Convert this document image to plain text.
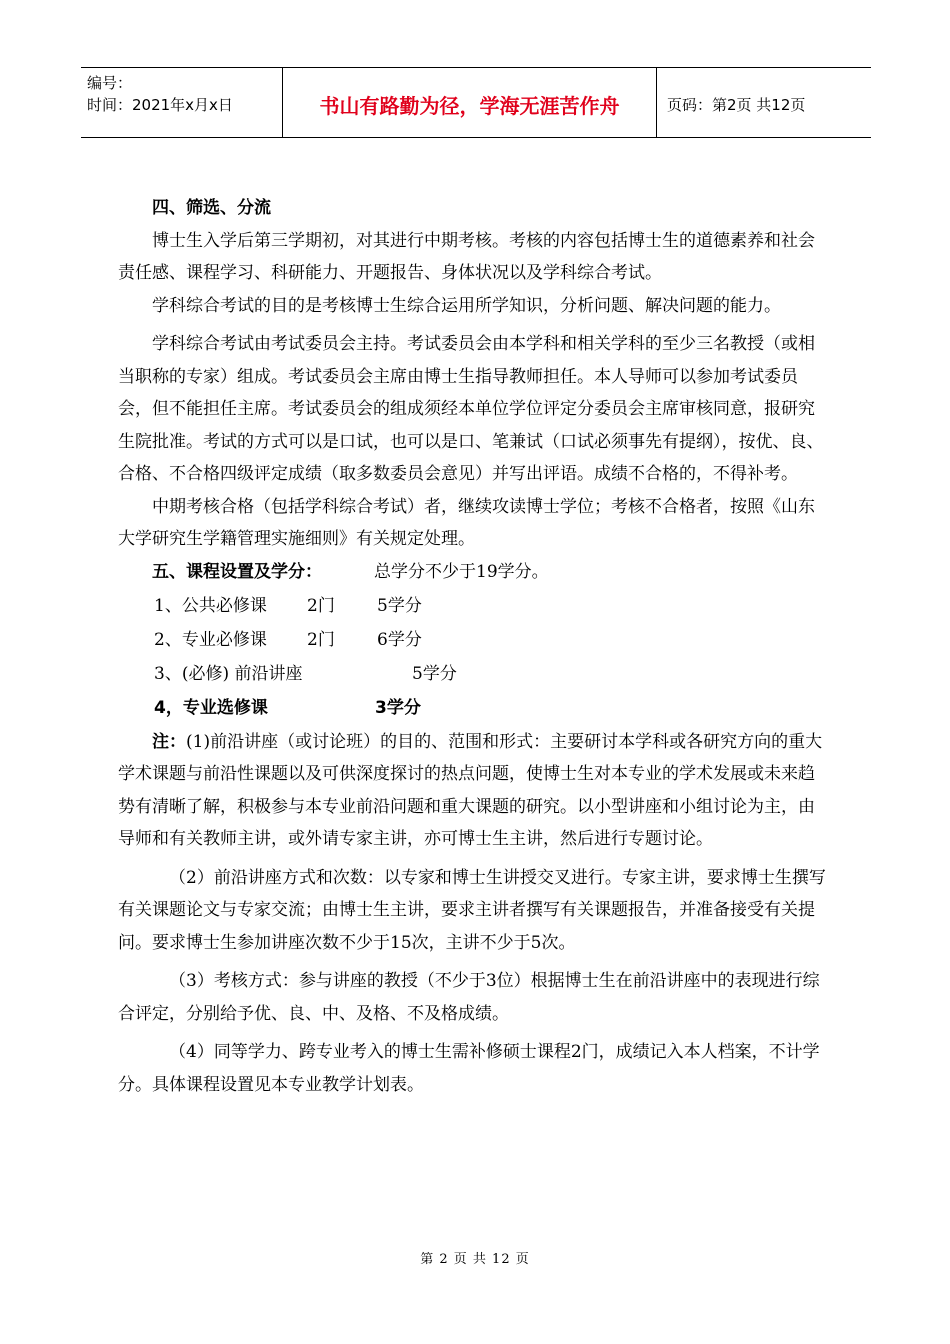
编号：
时间：2021年x月x日	书山有路勤为径，学海无涯苦作舟	页码：第2页 共12页
四、筛选、分流

博士生入学后第三学期初，对其进行中期考核。考核的内容包括博士生的道德素养和社会责任感、课程学习、科研能力、开题报告、身体状况以及学科综合考试。

学科综合考试的目的是考核博士生综合运用所学知识，分析问题、解决问题的能力。

学科综合考试由考试委员会主持。考试委员会由本学科和相关学科的至少三名教授（或相当职称的专家）组成。考试委员会主席由博士生指导教师担任。本人导师可以参加考试委员会，但不能担任主席。考试委员会的组成须经本单位学位评定分委员会主席审核同意，报研究生院批准。考试的方式可以是口试，也可以是口、笔兼试（口试必须事先有提纲），按优、良、合格、不合格四级评定成绩（取多数委员会意见）并写出评语。成绩不合格的，不得补考。

中期考核合格（包括学科综合考试）者，继续攻读博士学位；考核不合格者，按照《山东大学研究生学籍管理实施细则》有关规定处理。

五、课程设置及学分：	总学分不少于19学分。
1、公共必修课	2门	5学分
2、专业必修课	2门	6学分
3、(必修) 前沿讲座	5学分
4，专业选修课	3学分

注：(1)前沿讲座（或讨论班）的目的、范围和形式：主要研讨本学科或各研究方向的重大学术课题与前沿性课题以及可供深度探讨的热点问题，使博士生对本专业的学术发展或未来趋势有清晰了解，积极参与本专业前沿问题和重大课题的研究。以小型讲座和小组讨论为主，由导师和有关教师主讲，或外请专家主讲，亦可博士生主讲，然后进行专题讨论。

（2）前沿讲座方式和次数：以专家和博士生讲授交叉进行。专家主讲，要求博士生撰写有关课题论文与专家交流；由博士生主讲，要求主讲者撰写有关课题报告，并准备接受有关提问。要求博士生参加讲座次数不少于15次，主讲不少于5次。

（3）考核方式：参与讲座的教授（不少于3位）根据博士生在前沿讲座中的表现进行综合评定，分别给予优、良、中、及格、不及格成绩。

（4）同等学力、跨专业考入的博士生需补修硕士课程2门，成绩记入本人档案，不计学分。具体课程设置见本专业教学计划表。

第 2 页 共 12 页
